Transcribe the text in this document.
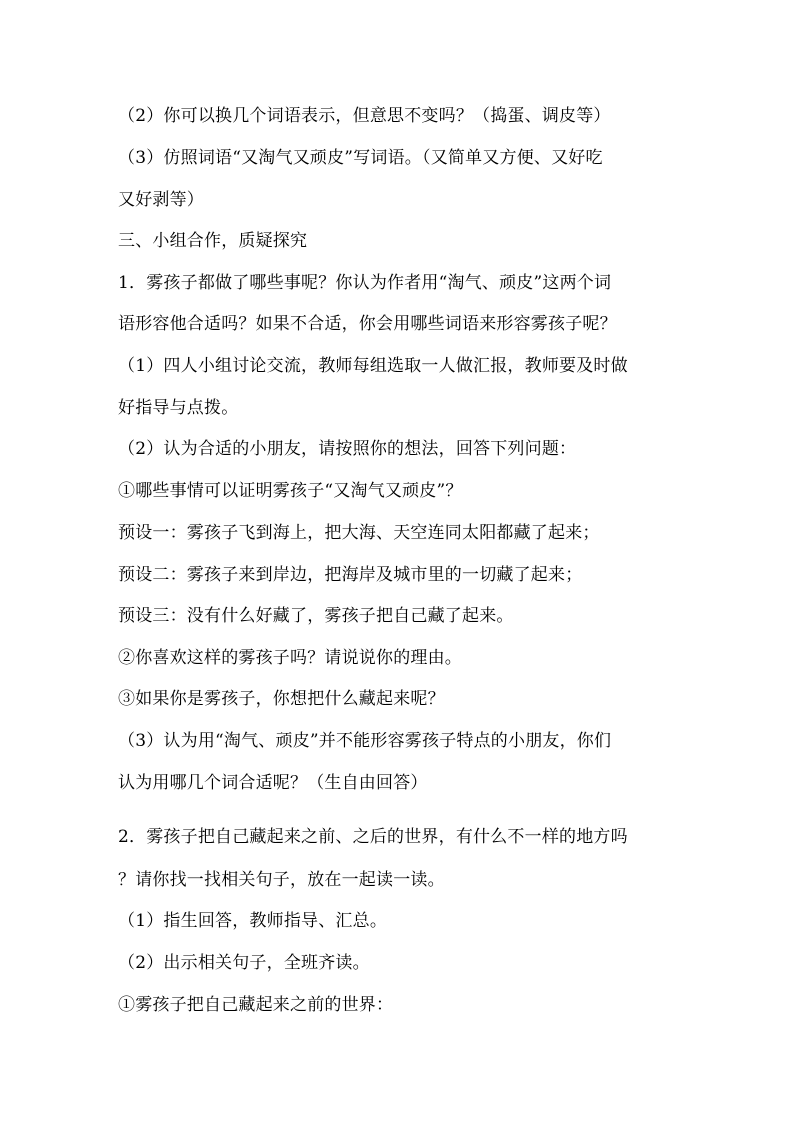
（2）你可以换几个词语表示，但意思不变吗？（捣蛋、调皮等）
（3）仿照词语“又淘气又顽皮”写词语。（又简单又方便、又好吃
又好剥等）
三、小组合作，质疑探究
1．雾孩子都做了哪些事呢？你认为作者用“淘气、顽皮”这两个词
语形容他合适吗？如果不合适，你会用哪些词语来形容雾孩子呢？
（1）四人小组讨论交流，教师每组选取一人做汇报，教师要及时做
好指导与点拨。
（2）认为合适的小朋友，请按照你的想法，回答下列问题：
①哪些事情可以证明雾孩子“又淘气又顽皮”？
预设一：雾孩子飞到海上，把大海、天空连同太阳都藏了起来；
预设二：雾孩子来到岸边，把海岸及城市里的一切藏了起来；
预设三：没有什么好藏了，雾孩子把自己藏了起来。
②你喜欢这样的雾孩子吗？请说说你的理由。
③如果你是雾孩子，你想把什么藏起来呢？
（3）认为用“淘气、顽皮”并不能形容雾孩子特点的小朋友，你们
认为用哪几个词合适呢？（生自由回答）
2．雾孩子把自己藏起来之前、之后的世界，有什么不一样的地方吗
？请你找一找相关句子，放在一起读一读。
（1）指生回答，教师指导、汇总。
（2）出示相关句子，全班齐读。
①雾孩子把自己藏起来之前的世界：
